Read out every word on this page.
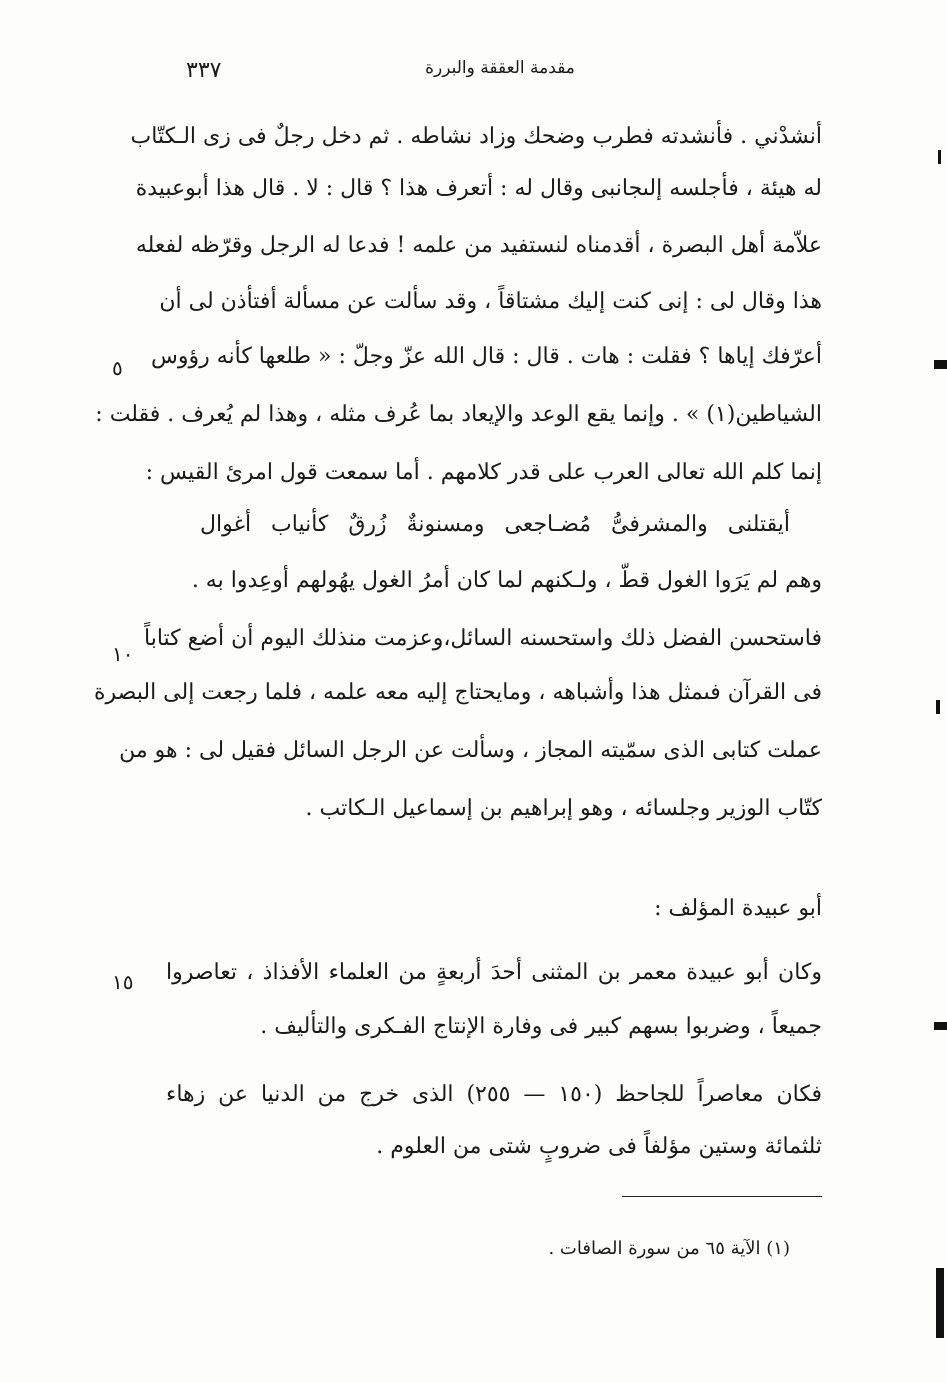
مقدمة العققة والبررة
٣٣٧
أنشدْني . فأنشدته فطرب وضحك وزاد نشاطه . ثم دخل رجلٌ فى زى الـكتّاب
له هيئة ، فأجلسه إلىجانبى وقال له : أتعرف هذا ؟ قال : لا . قال هذا أبوعبيدة
علاّمة أهل البصرة ، أقدمناه لنستفيد من علمه ! فدعا له الرجل وقرّظه لفعله
هذا وقال لى : إنى كنت إليك مشتاقاً ، وقد سألت عن مسألة أفتأذن لى أن
أعرّفك إياها ؟ فقلت : هات . قال : قال الله عزّ وجلّ : « طلعها كأنه رؤوس
الشياطين(١) » . وإنما يقع الوعد والإيعاد بما عُرف مثله ، وهذا لم يُعرف . فقلت :
إنما كلم الله تعالى العرب على قدر كلامهم . أما سمعت قول امرئ القيس :
أيقتلنى والمشرفىُّ مُضـاجعى ومسنونةٌ زُرقٌ كأنياب أغوال
وهم لم يَرَوا الغول قطّ ، ولـكنهم لما كان أمرُ الغول يهُولهم أوعِدوا به .
فاستحسن الفضل ذلك واستحسنه السائل،وعزمت منذلك اليوم أن أضع كتاباً
فى القرآن فىمثل هذا وأشباهه ، ومايحتاج إليه معه علمه ، فلما رجعت إلى البصرة
عملت كتابى الذى سمّيته المجاز ، وسألت عن الرجل السائل فقيل لى : هو من
كتّاب الوزير وجلسائه ، وهو إبراهيم بن إسماعيل الـكاتب .
أبو عبيدة المؤلف :
وكان أبو عبيدة معمر بن المثنى أحدَ أربعةٍ من العلماء الأفذاذ ، تعاصروا
جميعاً ، وضربوا بسهم كبير فى وفارة الإنتاج الفـكرى والتأليف .
فكان معاصراً للجاحظ (١٥٠ — ٢٥٥) الذى خرج من الدنيا عن زهاء
ثلثمائة وستين مؤلفاً فى ضروبٍ شتى من العلوم .
٥
١٠
١٥
(١) الآية ٦٥ من سورة الصافات .
